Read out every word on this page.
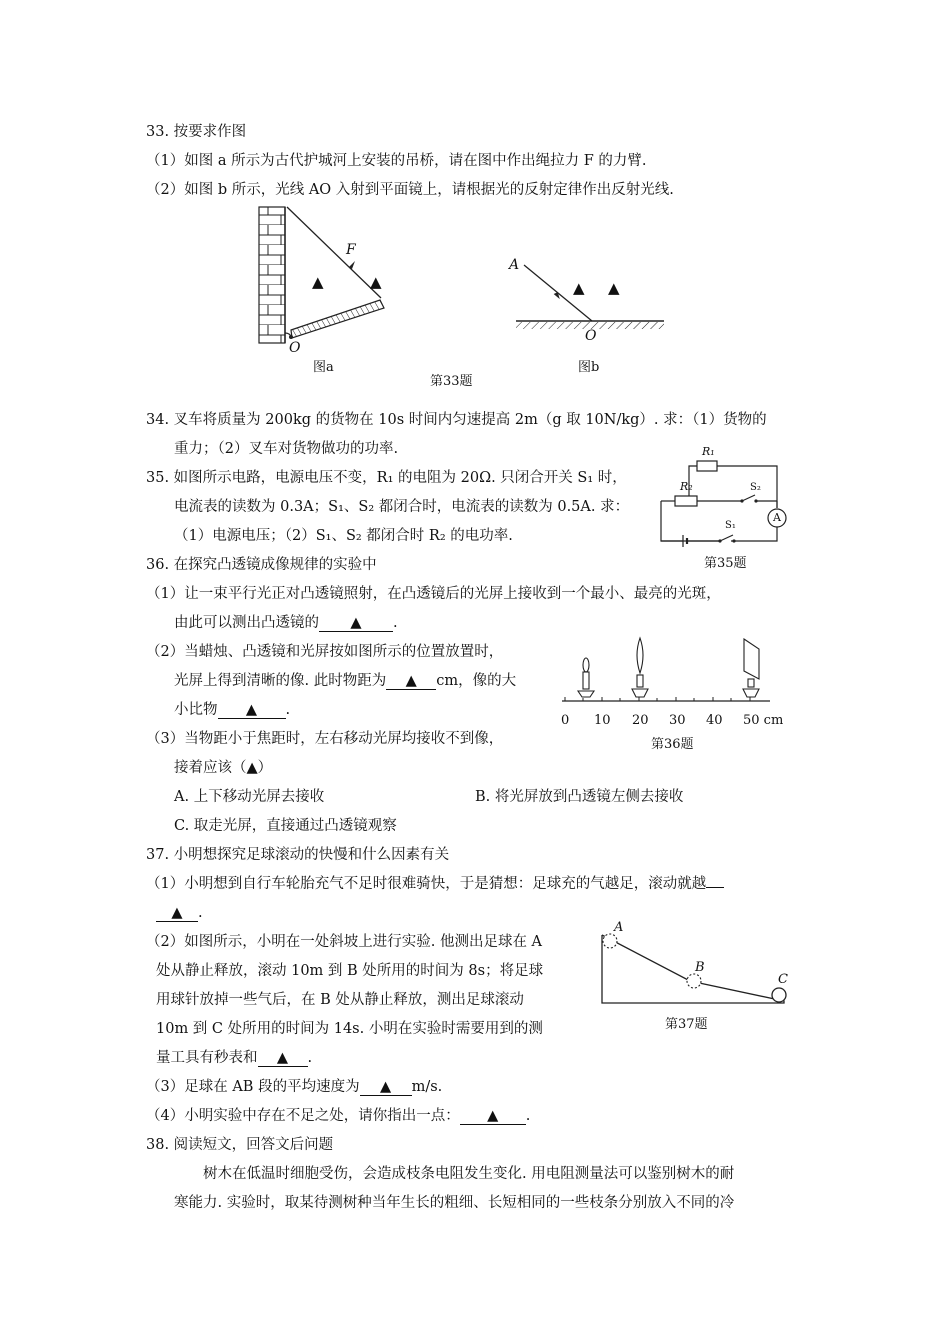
33. 按要求作图
（1）如图 a 所示为古代护城河上安装的吊桥，请在图中作出绳拉力 F 的力臂.
（2）如图 b 所示，光线 AO 入射到平面镜上，请根据光的反射定律作出反射光线.
F
O
图a
▲	▲
A
O
图b
▲ ▲
第33题
34. 叉车将质量为 200kg 的货物在 10s 时间内匀速提高 2m（g 取 10N/kg）. 求：（1）货物的
重力；（2）叉车对货物做功的功率.
35. 如图所示电路，电源电压不变，R₁ 的电阻为 20Ω. 只闭合开关 S₁ 时，
电流表的读数为 0.3A；S₁、S₂ 都闭合时，电流表的读数为 0.5A. 求：
（1）电源电压；（2）S₁、S₂ 都闭合时 R₂ 的电功率.
R₁
R₂	S₂
S₁
A
第35题
36. 在探究凸透镜成像规律的实验中
（1）让一束平行光正对凸透镜照射，在凸透镜后的光屏上接收到一个最小、最亮的光斑，
由此可以测出凸透镜的 ▲ .
（2）当蜡烛、凸透镜和光屏按如图所示的位置放置时，
光屏上得到清晰的像. 此时物距为 ▲ cm，像的大
小比物 ▲ .
（3）当物距小于焦距时，左右移动光屏均接收不到像，
接着应该（▲）
A. 上下移动光屏去接收	B. 将光屏放到凸透镜左侧去接收
C. 取走光屏，直接通过凸透镜观察
0 10 20 30 40 50 cm
第36题
37. 小明想探究足球滚动的快慢和什么因素有关
（1）小明想到自行车轮胎充气不足时很难骑快，于是猜想：足球充的气越足，滚动就越
▲ .
（2）如图所示，小明在一处斜坡上进行实验. 他测出足球在 A
处从静止释放，滚动 10m 到 B 处所用的时间为 8s；将足球
用球针放掉一些气后，在 B 处从静止释放，测出足球滚动
10m 到 C 处所用的时间为 14s. 小明在实验时需要用到的测
量工具有秒表和 ▲ .
（3）足球在 AB 段的平均速度为 ▲ m/s.
（4）小明实验中存在不足之处，请你指出一点： ▲ .
A
B
C
第37题
38. 阅读短文，回答文后问题
树木在低温时细胞受伤，会造成枝条电阻发生变化. 用电阻测量法可以鉴别树木的耐
寒能力. 实验时，取某待测树种当年生长的粗细、长短相同的一些枝条分别放入不同的冷
